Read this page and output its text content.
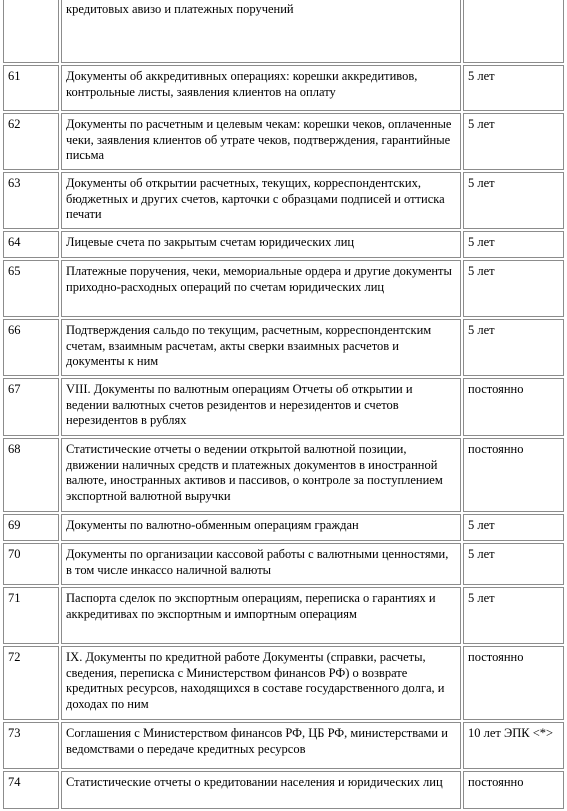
	кредитовых авизо и платежных поручений	
61	Документы об аккредитивных операциях: корешки аккредитивов, контрольные листы, заявления клиентов на оплату	5 лет
62	Документы по расчетным и целевым чекам: корешки чеков, оплаченные чеки, заявления клиентов об утрате чеков, подтверждения, гарантийные письма	5 лет
63	Документы об открытии расчетных, текущих, корреспондентских, бюджетных и других счетов, карточки с образцами подписей и оттиска печати	5 лет
64	Лицевые счета по закрытым счетам юридических лиц	5 лет
65	Платежные поручения, чеки, мемориальные ордера и другие документы приходно-расходных операций по счетам юридических лиц	5 лет
66	Подтверждения сальдо по текущим, расчетным, корреспондентским счетам, взаимным расчетам, акты сверки взаимных расчетов и документы к ним	5 лет
67	VIII. Документы по валютным операциям Отчеты об открытии и ведении валютных счетов резидентов и нерезидентов и счетов нерезидентов в рублях	постоянно
68	Статистические отчеты о ведении открытой валютной позиции, движении наличных средств и платежных документов в иностранной валюте, иностранных активов и пассивов, о контроле за поступлением экспортной валютной выручки	постоянно
69	Документы по валютно-обменным операциям граждан	5 лет
70	Документы по организации кассовой работы с валютными ценностями, в том числе инкассо наличной валюты	5 лет
71	Паспорта сделок по экспортным операциям, переписка о гарантиях и аккредитивах по экспортным и импортным операциям	5 лет
72	IX. Документы по кредитной работе Документы (справки, расчеты, сведения, переписка с Министерством финансов РФ) о возврате кредитных ресурсов, находящихся в составе государственного долга, и доходах по ним	постоянно
73	Соглашения с Министерством финансов РФ, ЦБ РФ, министерствами и ведомствами о передаче кредитных ресурсов	10 лет ЭПК <*>
74	Статистические отчеты о кредитовании населения и юридических лиц	постоянно
